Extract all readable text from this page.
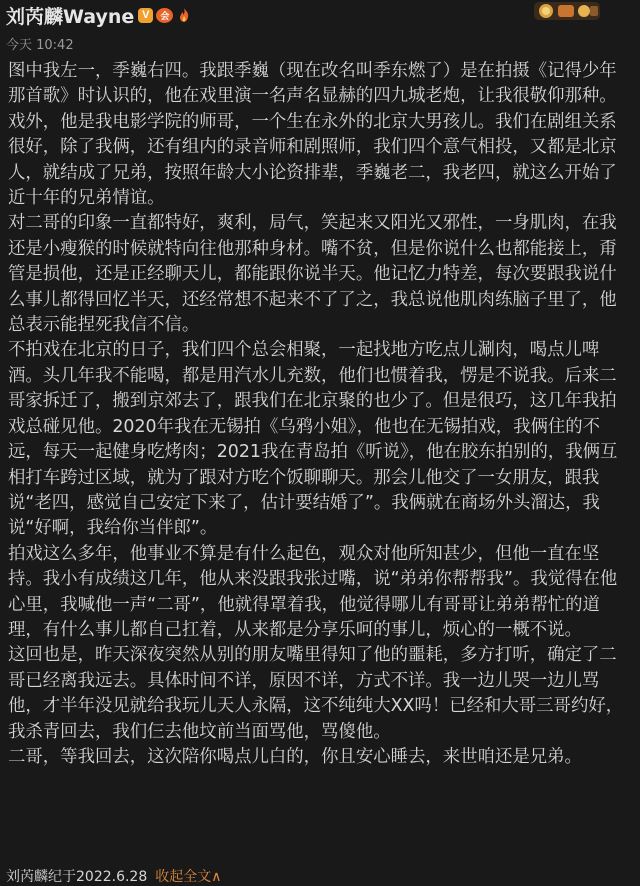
刘芮麟Wayne V	会
今天 10:42

图中我左一，季巍右四。我跟季巍（现在改名叫季东燃了）是在拍摄《记得少年那首歌》时认识的，他在戏里演一名声名显赫的四九城老炮，让我很敬仰那种。戏外，他是我电影学院的师哥，一个生在永外的北京大男孩儿。我们在剧组关系很好，除了我俩，还有组内的录音师和剧照师，我们四个意气相投，又都是北京人，就结成了兄弟，按照年龄大小论资排辈，季巍老二，我老四，就这么开始了近十年的兄弟情谊。

对二哥的印象一直都特好，爽利，局气，笑起来又阳光又邪性，一身肌肉，在我还是小瘦猴的时候就特向往他那种身材。嘴不贫，但是你说什么也都能接上，甭管是损他，还是正经聊天儿，都能跟你说半天。他记忆力特差，每次要跟我说什么事儿都得回忆半天，还经常想不起来不了了之，我总说他肌肉练脑子里了，他总表示能捏死我信不信。

不拍戏在北京的日子，我们四个总会相聚，一起找地方吃点儿涮肉，喝点儿啤酒。头几年我不能喝，都是用汽水儿充数，他们也惯着我，愣是不说我。后来二哥家拆迁了，搬到京郊去了，跟我们在北京聚的也少了。但是很巧，这几年我拍戏总碰见他。2020年我在无锡拍《乌鸦小姐》，他也在无锡拍戏，我俩住的不远，每天一起健身吃烤肉；2021我在青岛拍《听说》，他在胶东拍别的，我俩互相打车跨过区域，就为了跟对方吃个饭聊聊天。那会儿他交了一女朋友，跟我说“老四，感觉自己安定下来了，估计要结婚了”。我俩就在商场外头溜达，我说“好啊，我给你当伴郎”。

拍戏这么多年，他事业不算是有什么起色，观众对他所知甚少，但他一直在坚持。我小有成绩这几年，他从来没跟我张过嘴，说“弟弟你帮帮我”。我觉得在他心里，我喊他一声“二哥”，他就得罩着我，他觉得哪儿有哥哥让弟弟帮忙的道理，有什么事儿都自己扛着，从来都是分享乐呵的事儿，烦心的一概不说。

这回也是，昨天深夜突然从别的朋友嘴里得知了他的噩耗，多方打听，确定了二哥已经离我远去。具体时间不详，原因不详，方式不详。我一边儿哭一边儿骂他，才半年没见就给我玩儿天人永隔，这不纯纯大XX吗！已经和大哥三哥约好，我杀青回去，我们仨去他坟前当面骂他，骂傻他。

二哥，等我回去，这次陪你喝点儿白的，你且安心睡去，来世咱还是兄弟。

刘芮麟纪于2022.6.28 收起全文∧
